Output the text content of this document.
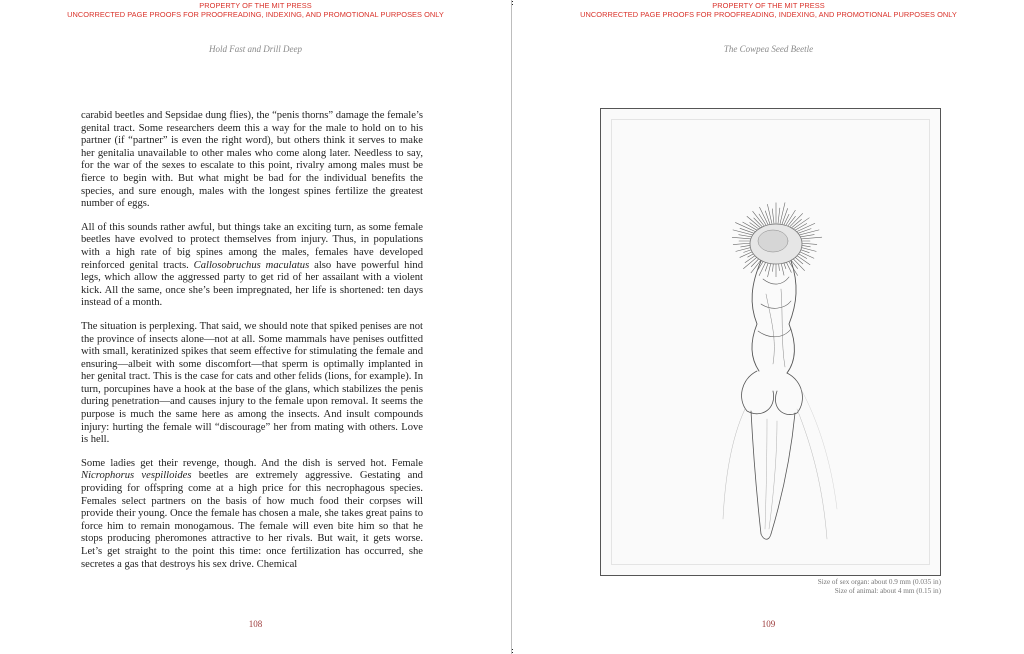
PROPERTY OF THE MIT PRESS
UNCORRECTED PAGE PROOFS FOR PROOFREADING, INDEXING, AND PROMOTIONAL PURPOSES ONLY
Hold Fast and Drill Deep

carabid beetles and Sepsidae dung flies), the “penis thorns” damage the female’s genital tract. Some researchers deem this a way for the male to hold on to his partner (if “partner” is even the right word), but others think it serves to make her genitalia unavailable to other males who come along later. Needless to say, for the war of the sexes to escalate to this point, rivalry among males must be fierce to begin with. But what might be bad for the individual benefits the species, and sure enough, males with the longest spines fertilize the greatest number of eggs.

All of this sounds rather awful, but things take an exciting turn, as some female beetles have evolved to protect themselves from injury. Thus, in populations with a high rate of big spines among the males, females have developed reinforced genital tracts. Callosobruchus maculatus also have powerful hind legs, which allow the aggressed party to get rid of her assailant with a violent kick. All the same, once she’s been impregnated, her life is shortened: ten days instead of a month.

The situation is perplexing. That said, we should note that spiked penises are not the province of insects alone—not at all. Some mammals have penises outfitted with small, keratinized spikes that seem effective for stimulating the female and ensuring—albeit with some discomfort—that sperm is optimally implanted in her genital tract. This is the case for cats and other felids (lions, for example). In turn, porcupines have a hook at the base of the glans, which stabilizes the penis during penetration—and causes injury to the female upon removal. It seems the purpose is much the same here as among the insects. And insult compounds injury: hurting the female will “discourage” her from mating with others. Love is hell.

Some ladies get their revenge, though. And the dish is served hot. Female Nicrophorus vespilloides beetles are extremely aggressive. Gestating and providing for offspring come at a high price for this necrophagous species. Females select partners on the basis of how much food their corpses will provide their young. Once the female has chosen a male, she takes great pains to force him to remain monogamous. The female will even bite him so that he stops producing pheromones attractive to her rivals. But wait, it gets worse. Let’s get straight to the point this time: once fertilization has occurred, she secretes a gas that destroys his sex drive. Chemical

108
PROPERTY OF THE MIT PRESS
UNCORRECTED PAGE PROOFS FOR PROOFREADING, INDEXING, AND PROMOTIONAL PURPOSES ONLY
The Cowpea Seed Beetle
109
Size of sex organ: about 0.9 mm (0.035 in)
Size of animal: about 4 mm (0.15 in)
